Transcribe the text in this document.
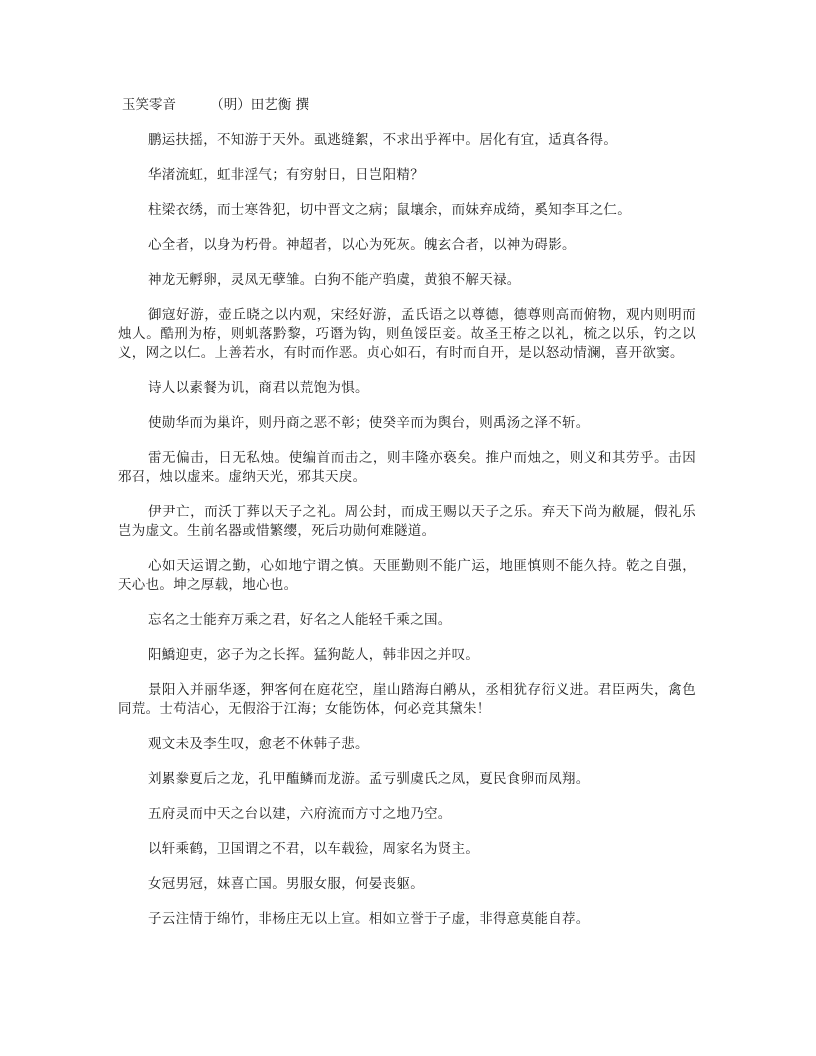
玉笑零音	（明）田艺衡 撰

鹏运扶摇，不知游于天外。虱逃缝絮，不求出乎裈中。居化有宜，适真各得。

华渚流虹，虹非淫气；有穷射日，日岂阳精？

柱梁衣绣，而士寒咎犯，切中晋文之病；鼠壤余，而妹弃成绮，奚知李耳之仁。

心全者，以身为朽骨。神超者，以心为死灰。魄玄合者，以神为碍影。

神龙无孵卵，灵凤无孽雏。白狗不能产驺虞，黄狼不解天禄。

御寇好游，壶丘晓之以内观，宋经好游，孟氏语之以尊德，德尊则高而俯物，观内则明而烛人。酷刑为栫，则虮落黔黎，巧谮为钩，则鱼馁臣妾。故圣王栫之以礼，梳之以乐，钓之以义，网之以仁。上善若水，有时而作恶。贞心如石，有时而自开，是以怒动情澜，喜开欲窦。

诗人以素餐为讥，商君以荒饱为惧。

使勋华而为巢许，则丹商之恶不彰；使癸辛而为舆台，则禹汤之泽不斩。

雷无偏击，日无私烛。使编首而击之，则丰隆亦亵矣。推户而烛之，则义和其劳乎。击因邪召，烛以虚来。虚纳天光，邪其天戾。

伊尹亡，而沃丁葬以天子之礼。周公封，而成王赐以天子之乐。弃天下尚为敝屣，假礼乐岂为虚文。生前名器或惜繁缨，死后功勋何难隧道。

心如天运谓之勤，心如地宁谓之慎。天匪勤则不能广运，地匪慎则不能久持。乾之自强，天心也。坤之厚载，地心也。

忘名之士能弃万乘之君，好名之人能轻千乘之国。

阳鱎迎吏，宓子为之长挥。猛狗龁人，韩非因之并叹。

景阳入并丽华逐，狎客何在庭花空，崖山踏海白鹇从，丞相犹存衍义进。君臣两失，禽色同荒。士苟洁心，无假浴于江海；女能饬体，何必竞其黛朱！

观文未及李生叹，愈老不休韩子悲。

刘累豢夏后之龙，孔甲醢鳞而龙游。孟亏驯虞氏之凤，夏民食卵而凤翔。

五府灵而中天之台以建，六府流而方寸之地乃空。

以轩乘鹤，卫国谓之不君，以车载猃，周家名为贤主。

女冠男冠，妺喜亡国。男服女服，何晏丧躯。

子云注情于绵竹，非杨庄无以上宣。相如立誉于子虚，非得意莫能自荐。
